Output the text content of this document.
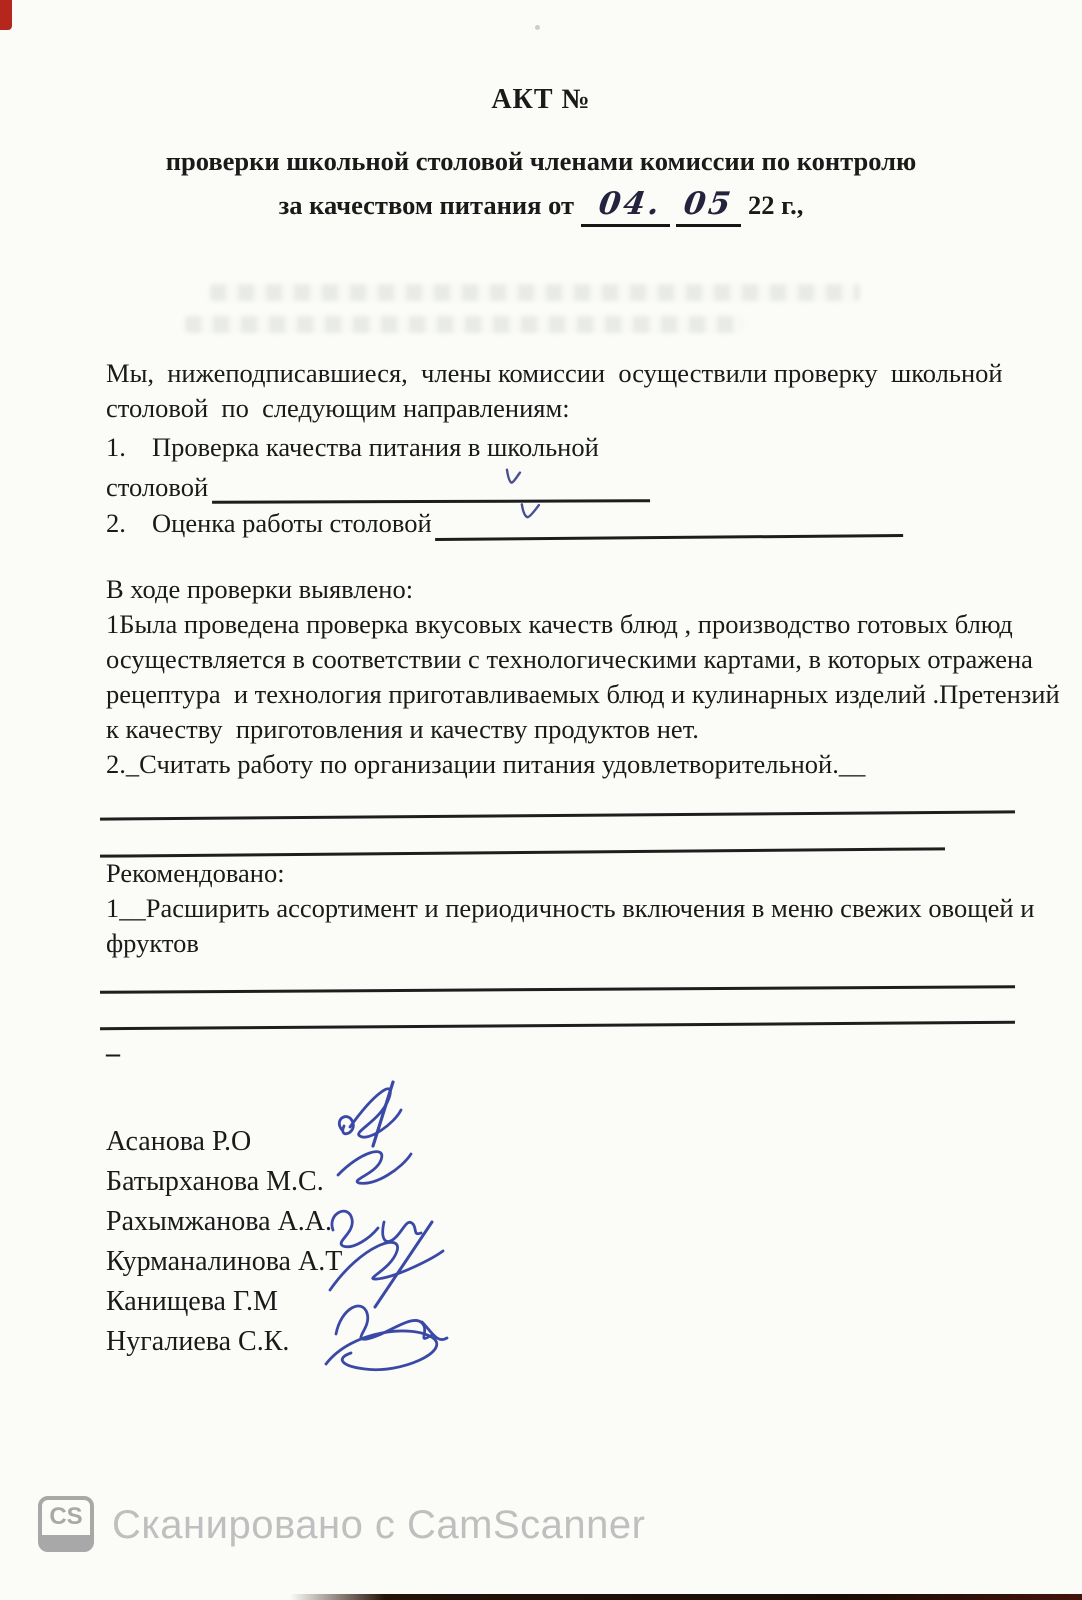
АКТ №
проверки школьной столовой членами комиссии по контролю
за качеством питания от 04. 05 22 г.,
Мы,  нижеподписавшиеся,  члены комиссии  осуществили проверку  школьной
столовой  по  следующим направлениям:
1. Проверка качества питания в школьной
столовой

2. Оценка работы столовой

В ходе проверки выявлено:
1Была проведена проверка вкусовых качеств блюд , производство готовых блюд
осуществляется в соответствии с технологическими картами, в которых отражена
рецептура  и технология приготавливаемых блюд и кулинарных изделий .Претензий
к качеству  приготовления и качеству продуктов нет.
2._Считать работу по организации питания удовлетворительной.__
Рекомендовано:
1__Расширить ассортимент и периодичность включения в меню свежих овощей и
фруктов
–
Асанова Р.О
Батырханова М.С.
Рахымжанова А.А.
Курманалинова А.Т
Канищева Г.М
Нугалиева С.К.
CS Сканировано с CamScanner
